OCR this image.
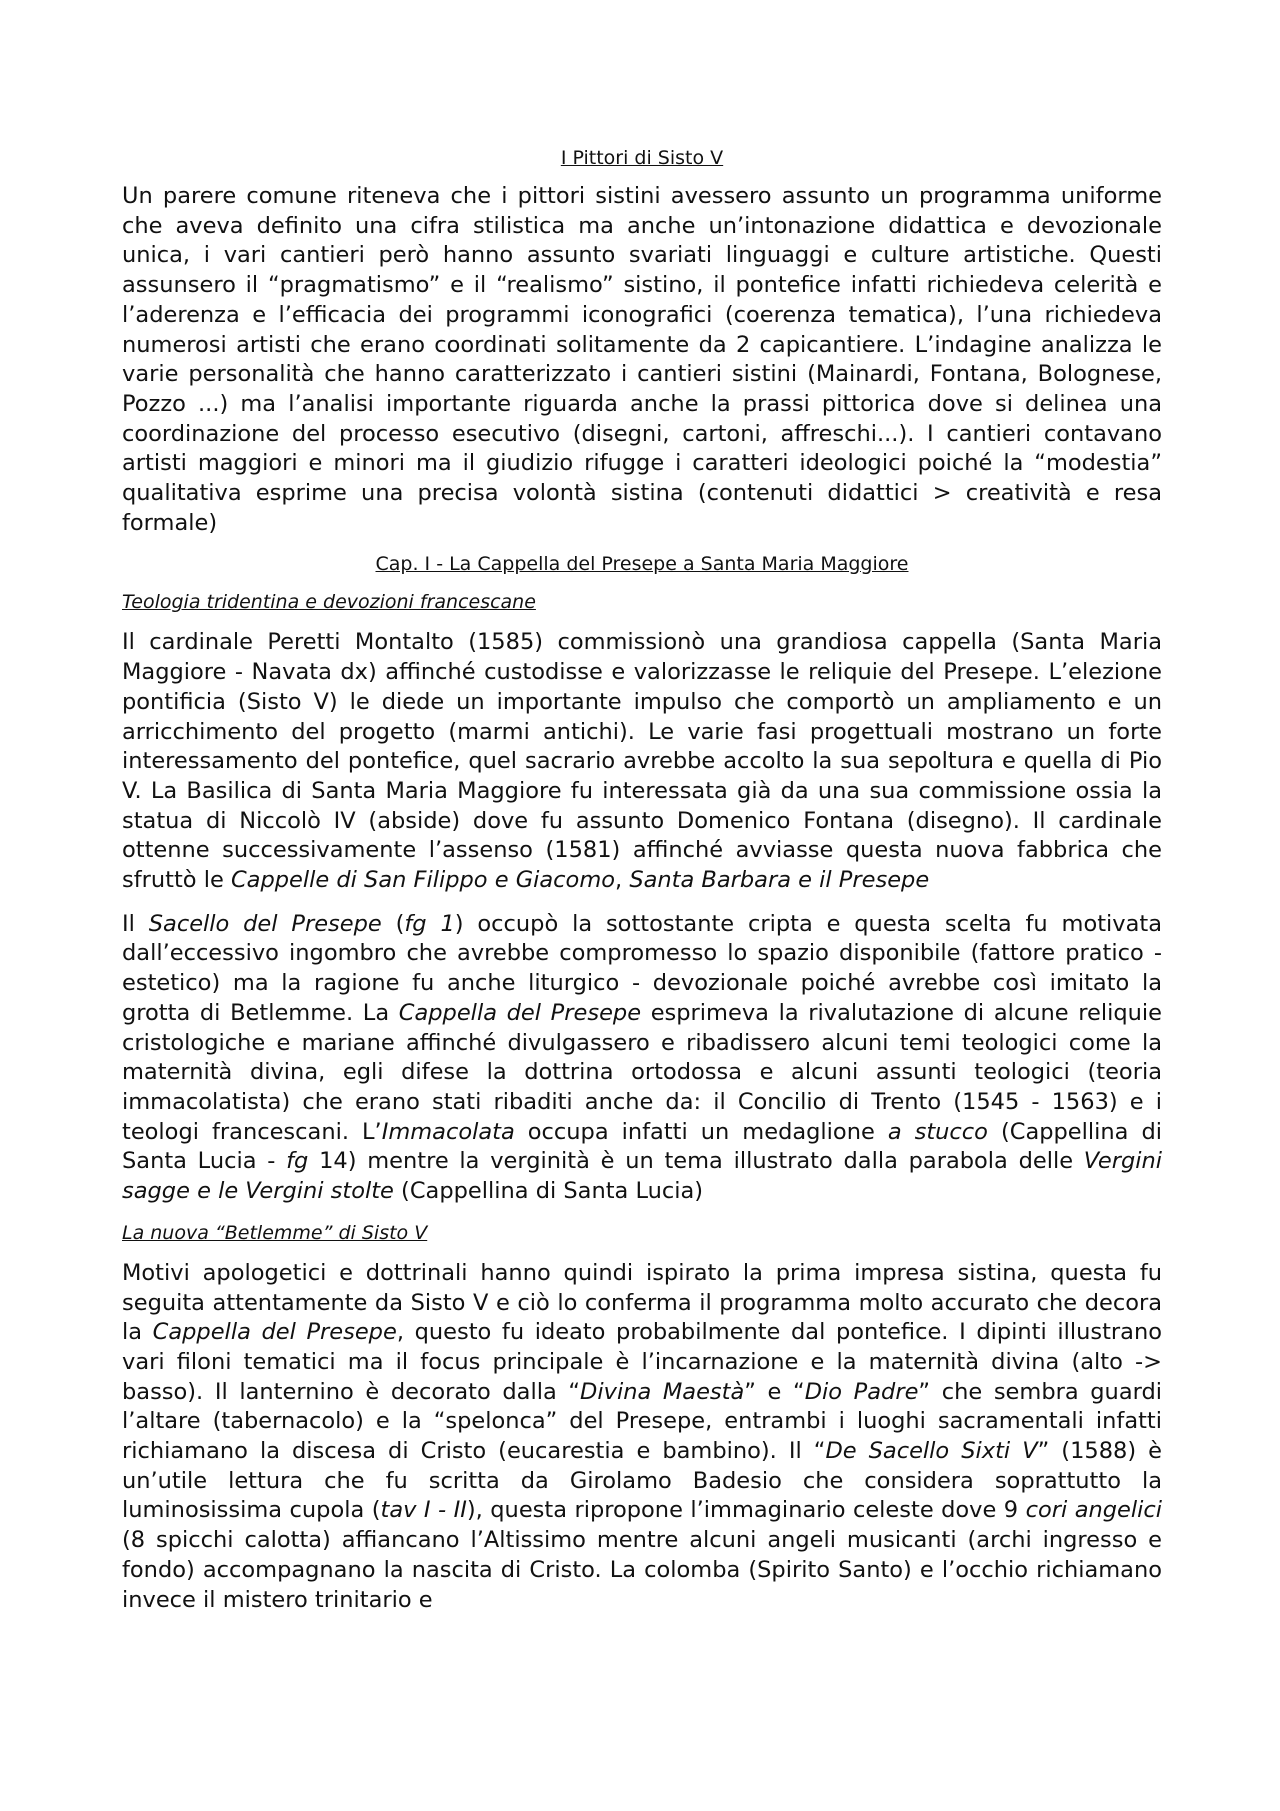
I Pittori di Sisto V

Un parere comune riteneva che i pittori sistini avessero assunto un programma uniforme che aveva definito una cifra stilistica ma anche un’intonazione didattica e devozionale unica, i vari cantieri però hanno assunto svariati linguaggi e culture artistiche. Questi assunsero il “pragmatismo” e il “realismo” sistino, il pontefice infatti richiedeva celerità e l’aderenza e l’efficacia dei programmi iconografici (coerenza tematica), l’una richiedeva numerosi artisti che erano coordinati solitamente da 2 capicantiere. L’indagine analizza le varie personalità che hanno caratterizzato i cantieri sistini (Mainardi, Fontana, Bolognese, Pozzo ...) ma l’analisi importante riguarda anche la prassi pittorica dove si delinea una coordinazione del processo esecutivo (disegni, cartoni, affreschi...). I cantieri contavano artisti maggiori e minori ma il giudizio rifugge i caratteri ideologici poiché la “modestia” qualitativa esprime una precisa volontà sistina (contenuti didattici > creatività e resa formale)

Cap. I - La Cappella del Presepe a Santa Maria Maggiore
Teologia tridentina e devozioni francescane

Il cardinale Peretti Montalto (1585) commissionò una grandiosa cappella (Santa Maria Maggiore - Navata dx) affinché custodisse e valorizzasse le reliquie del Presepe. L’elezione pontificia (Sisto V) le diede un importante impulso che comportò un ampliamento e un arricchimento del progetto (marmi antichi). Le varie fasi progettuali mostrano un forte interessamento del pontefice, quel sacrario avrebbe accolto la sua sepoltura e quella di Pio V. La Basilica di Santa Maria Maggiore fu interessata già da una sua commissione ossia la statua di Niccolò IV (abside) dove fu assunto Domenico Fontana (disegno). Il cardinale ottenne successivamente l’assenso (1581) affinché avviasse questa nuova fabbrica che sfruttò le Cappelle di San Filippo e Giacomo, Santa Barbara e il Presepe

Il Sacello del Presepe (fg 1) occupò la sottostante cripta e questa scelta fu motivata dall’eccessivo ingombro che avrebbe compromesso lo spazio disponibile (fattore pratico - estetico) ma la ragione fu anche liturgico - devozionale poiché avrebbe così imitato la grotta di Betlemme. La Cappella del Presepe esprimeva la rivalutazione di alcune reliquie cristologiche e mariane affinché divulgassero e ribadissero alcuni temi teologici come la maternità divina, egli difese la dottrina ortodossa e alcuni assunti teologici (teoria immacolatista) che erano stati ribaditi anche da: il Concilio di Trento (1545 - 1563) e i teologi francescani. L’Immacolata occupa infatti un medaglione a stucco (Cappellina di Santa Lucia - fg 14) mentre la verginità è un tema illustrato dalla parabola delle Vergini sagge e le Vergini stolte (Cappellina di Santa Lucia)

La nuova “Betlemme” di Sisto V

Motivi apologetici e dottrinali hanno quindi ispirato la prima impresa sistina, questa fu seguita attentamente da Sisto V e ciò lo conferma il programma molto accurato che decora la Cappella del Presepe, questo fu ideato probabilmente dal pontefice. I dipinti illustrano vari filoni tematici ma il focus principale è l’incarnazione e la maternità divina (alto -> basso). Il lanternino è decorato dalla “Divina Maestà” e “Dio Padre” che sembra guardi l’altare (tabernacolo) e la “spelonca” del Presepe, entrambi i luoghi sacramentali infatti richiamano la discesa di Cristo (eucarestia e bambino). Il “De Sacello Sixti V” (1588) è un’utile lettura che fu scritta da Girolamo Badesio che considera soprattutto la luminosissima cupola (tav I - II), questa ripropone l’immaginario celeste dove 9 cori angelici (8 spicchi calotta) affiancano l’Altissimo mentre alcuni angeli musicanti (archi ingresso e fondo) accompagnano la nascita di Cristo. La colomba (Spirito Santo) e l’occhio richiamano invece il mistero trinitario e
